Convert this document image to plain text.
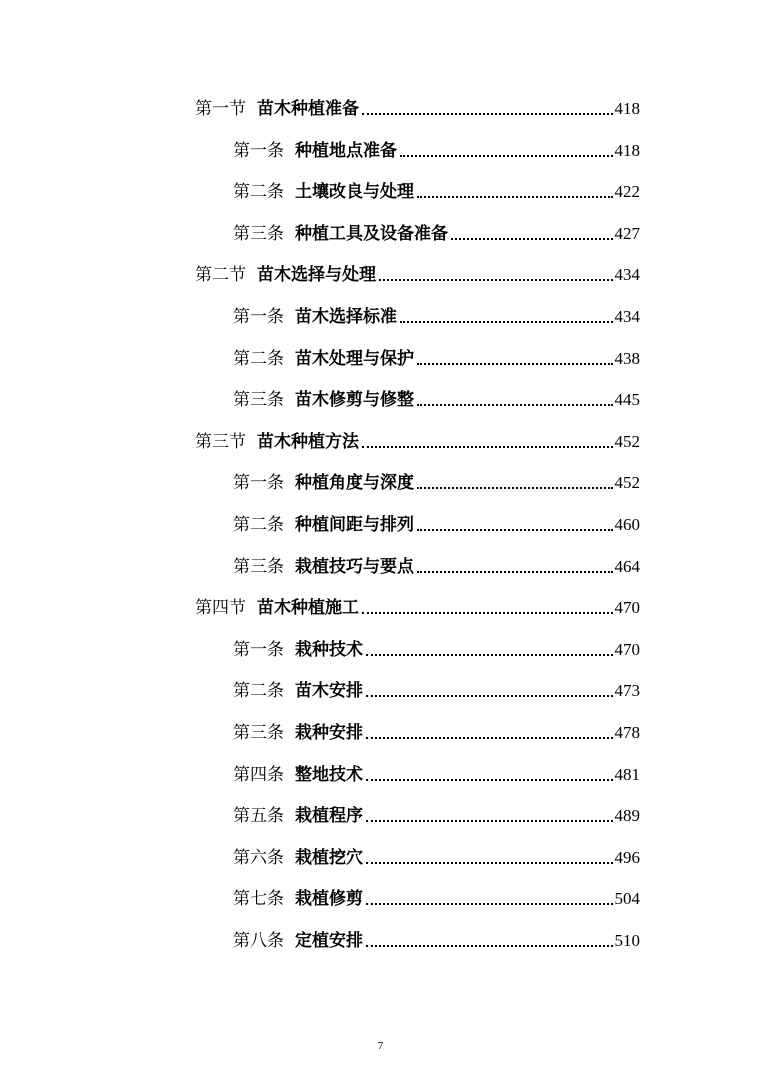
第一节 苗木种植准备	418
第一条 种植地点准备	418
第二条 土壤改良与处理	422
第三条 种植工具及设备准备	427
第二节 苗木选择与处理	434
第一条 苗木选择标准	434
第二条 苗木处理与保护	438
第三条 苗木修剪与修整	445
第三节 苗木种植方法	452
第一条 种植角度与深度	452
第二条 种植间距与排列	460
第三条 栽植技巧与要点	464
第四节 苗木种植施工	470
第一条 栽种技术	470
第二条 苗木安排	473
第三条 栽种安排	478
第四条 整地技术	481
第五条 栽植程序	489
第六条 栽植挖穴	496
第七条 栽植修剪	504
第八条 定植安排	510
7
